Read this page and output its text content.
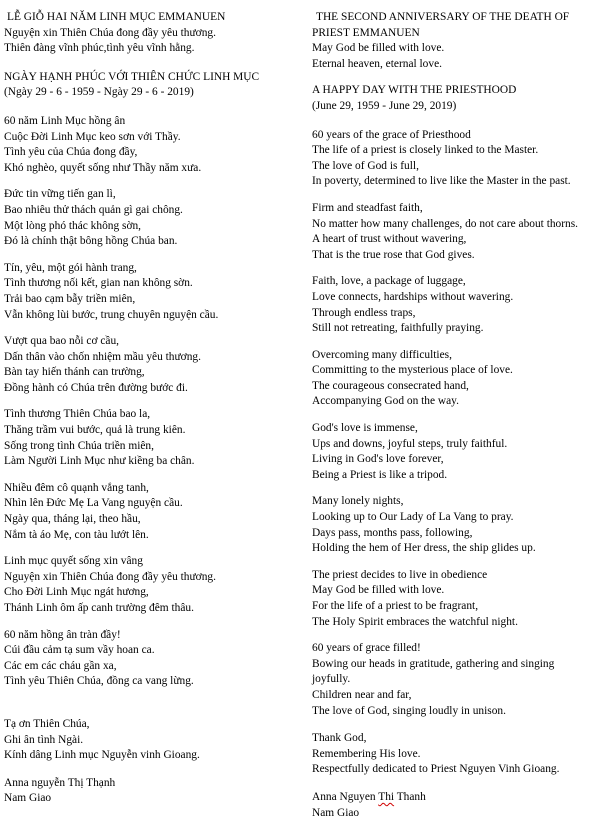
LỄ GIỖ HAI NĂM LINH MỤC EMMANUEN
Nguyện xin Thiên Chúa đong đầy yêu thương.
Thiên đàng vĩnh phúc,tình yêu vĩnh hằng.
NGÀY HẠNH PHÚC VỚI THIÊN CHỨC LINH MỤC
(Ngày 29 - 6 - 1959 - Ngày 29 - 6 - 2019)
60 năm Linh Mục hồng ân
Cuộc Đời Linh Mục keo sơn với Thầy.
Tình yêu của Chúa đong đầy,
Khó nghèo, quyết sống như Thầy năm xưa.
Đức tin vững tiến gan lì,
Bao nhiêu thử thách quản gì gai chông.
Một lòng phó thác không sờn,
Đó là chính thật bông hồng Chúa ban.
Tín, yêu, một gói hành trang,
Tình thương nối kết, gian nan không sờn.
Trải bao cạm bẫy triền miên,
Vẫn không lùi bước, trung chuyên nguyện cầu.
Vượt qua bao nỗi cơ cầu,
Dấn thân vào chốn nhiệm mầu yêu thương.
Bàn tay hiến thánh can trường,
Đồng hành có Chúa trên đường bước đi.
Tình thương Thiên Chúa bao la,
Thăng trầm vui bước, quả là trung kiên.
Sống trong tình Chúa triền miên,
Làm Người Linh Mục như kiềng ba chân.
Nhiều đêm cô quạnh vắng tanh,
Nhìn lên Đức Mẹ La Vang nguyện cầu.
Ngày qua, tháng lại, theo hầu,
Nắm tà áo Mẹ, con tàu lướt lên.
Linh mục quyết sống xin vâng
Nguyện xin Thiên Chúa đong đầy yêu thương.
Cho Đời Linh Mục ngát hương,
Thánh Linh ôm ấp canh trường đêm thâu.
60 năm hồng ân tràn đầy!
Cúi đầu cảm tạ sum vầy hoan ca.
Các em các cháu gần xa,
Tình yêu Thiên Chúa, đồng ca vang lừng.
Tạ ơn Thiên Chúa,
Ghi ân tình Ngài.
Kính dâng Linh mục Nguyễn vinh Gioang.
Anna nguyễn Thị Thạnh
Nam Giao
THE SECOND ANNIVERSARY OF THE DEATH OF
PRIEST EMMANUEN
May God be filled with love.
Eternal heaven, eternal love.
A HAPPY DAY WITH THE PRIESTHOOD
(June 29, 1959 - June 29, 2019)
60 years of the grace of Priesthood
The life of a priest is closely linked to the Master.
The love of God is full,
In poverty, determined to live like the Master in the past.
Firm and steadfast faith,
No matter how many challenges, do not care about thorns.
A heart of trust without wavering,
That is the true rose that God gives.
Faith, love, a package of luggage,
Love connects, hardships without wavering.
Through endless traps,
Still not retreating, faithfully praying.
Overcoming many difficulties,
Committing to the mysterious place of love.
The courageous consecrated hand,
Accompanying God on the way.
God's love is immense,
Ups and downs, joyful steps, truly faithful.
Living in God's love forever,
Being a Priest is like a tripod.
Many lonely nights,
Looking up to Our Lady of La Vang to pray.
Days pass, months pass, following,
Holding the hem of Her dress, the ship glides up.
The priest decides to live in obedience
May God be filled with love.
For the life of a priest to be fragrant,
The Holy Spirit embraces the watchful night.
60 years of grace filled!
Bowing our heads in gratitude, gathering and singing
joyfully.
Children near and far,
The love of God, singing loudly in unison.
Thank God,
Remembering His love.
Respectfully dedicated to Priest Nguyen Vinh Gioang.
Anna Nguyen Thi Thanh
Nam Giao
